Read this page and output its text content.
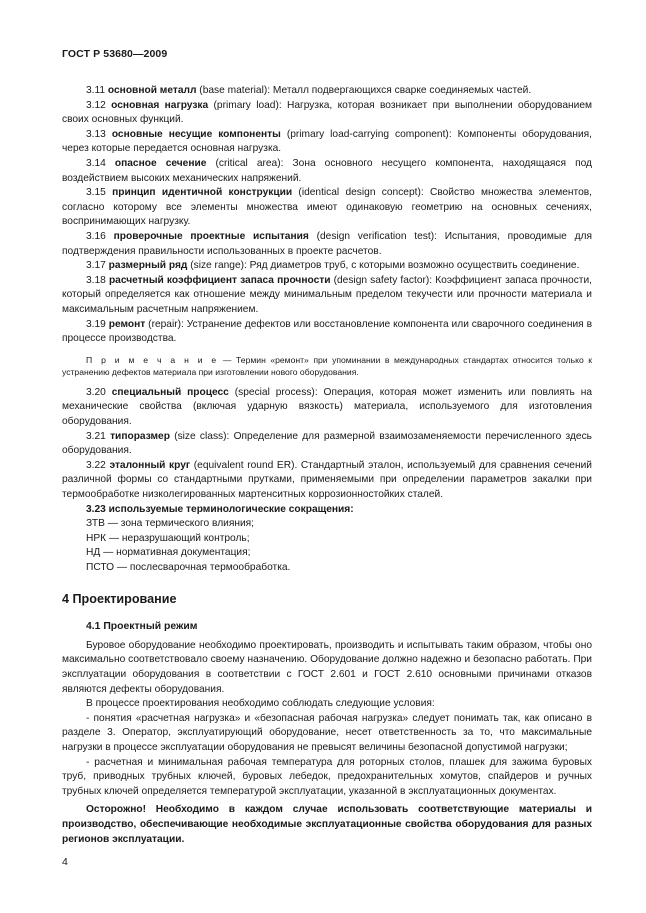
ГОСТ Р 53680—2009

3.11 основной металл (base material): Металл подвергающихся сварке соединяемых частей.

3.12 основная нагрузка (primary load): Нагрузка, которая возникает при выполнении оборудованием своих основных функций.

3.13 основные несущие компоненты (primary load-carrying component): Компоненты оборудования, через которые передается основная нагрузка.

3.14 опасное сечение (critical area): Зона основного несущего компонента, находящаяся под воздействием высоких механических напряжений.

3.15 принцип идентичной конструкции (identical design concept): Свойство множества элементов, согласно которому все элементы множества имеют одинаковую геометрию на основных сечениях, воспринимающих нагрузку.

3.16 проверочные проектные испытания (design verification test): Испытания, проводимые для подтверждения правильности использованных в проекте расчетов.

3.17 размерный ряд (size range): Ряд диаметров труб, с которыми возможно осуществить соединение.

3.18 расчетный коэффициент запаса прочности (design safety factor): Коэффициент запаса прочности, который определяется как отношение между минимальным пределом текучести или прочности материала и максимальным расчетным напряжением.

3.19 ремонт (repair): Устранение дефектов или восстановление компонента или сварочного соединения в процессе производства.

П р и м е ч а н и е — Термин «ремонт» при упоминании в международных стандартах относится только к устранению дефектов материала при изготовлении нового оборудования.

3.20 специальный процесс (special process): Операция, которая может изменить или повлиять на механические свойства (включая ударную вязкость) материала, используемого для изготовления оборудования.

3.21 типоразмер (size class): Определение для размерной взаимозаменяемости перечисленного здесь оборудования.

3.22 эталонный круг (equivalent round ER). Стандартный эталон, используемый для сравнения сечений различной формы со стандартными прутками, применяемыми при определении параметров закалки при термообработке низколегированных мартенситных коррозионностойких сталей.

3.23 используемые терминологические сокращения:

ЗТВ — зона термического влияния;

НРК — неразрушающий контроль;

НД — нормативная документация;

ПСТО — послесварочная термообработка.

4 Проектирование
4.1 Проектный режим

Буровое оборудование необходимо проектировать, производить и испытывать таким образом, чтобы оно максимально соответствовало своему назначению. Оборудование должно надежно и безопасно работать. При эксплуатации оборудования в соответствии с ГОСТ 2.601 и ГОСТ 2.610 основными причинами отказов являются дефекты оборудования.

В процессе проектирования необходимо соблюдать следующие условия:

- понятия «расчетная нагрузка» и «безопасная рабочая нагрузка» следует понимать так, как описано в разделе 3. Оператор, эксплуатирующий оборудование, несет ответственность за то, что максимальные нагрузки в процессе эксплуатации оборудования не превысят величины безопасной допустимой нагрузки;

- расчетная и минимальная рабочая температура для роторных столов, плашек для зажима буровых труб, приводных трубных ключей, буровых лебедок, предохранительных хомутов, спайдеров и ручных трубных ключей определяется температурой эксплуатации, указанной в эксплуатационных документах.

Осторожно! Необходимо в каждом случае использовать соответствующие материалы и производство, обеспечивающие необходимые эксплуатационные свойства оборудования для разных регионов эксплуатации.

4
